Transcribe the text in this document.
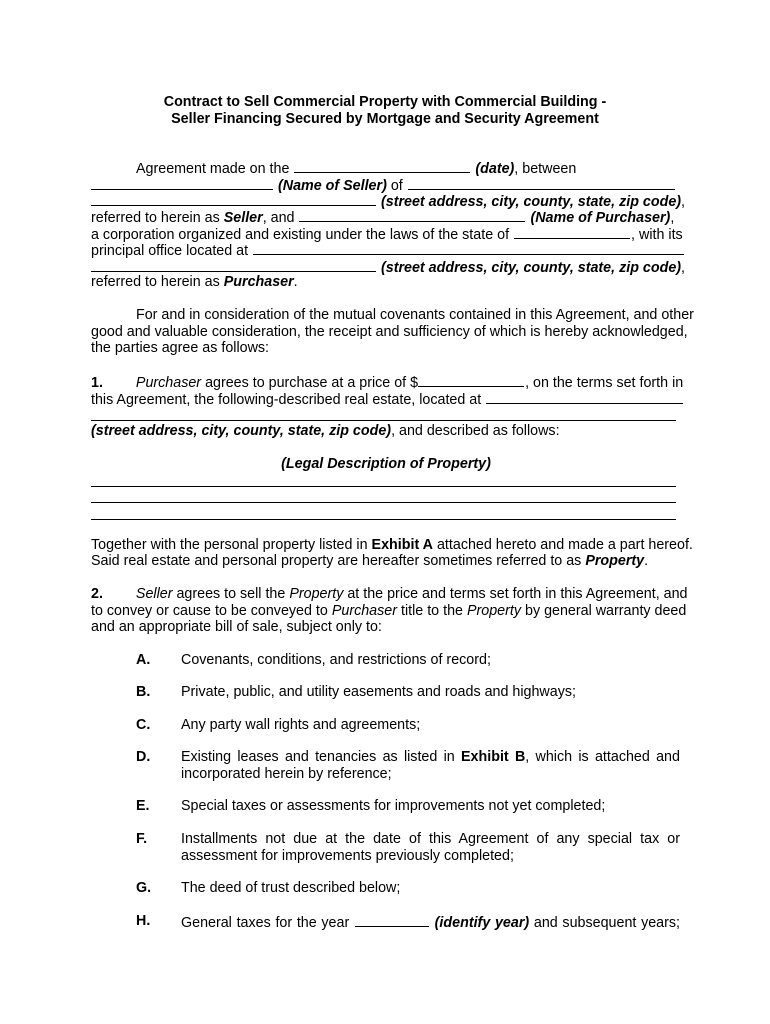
Contract to Sell Commercial Property with Commercial Building -
Seller Financing Secured by Mortgage and Security Agreement
Agreement made on the	(date), between
(Name of Seller) of
(street address, city, county, state, zip code),
referred to herein as Seller, and	(Name of Purchaser),
a corporation organized and existing under the laws of the state of	, with its
principal office located at
(street address, city, county, state, zip code),
referred to herein as Purchaser.
For and in consideration of the mutual covenants contained in this Agreement, and other
good and valuable consideration, the receipt and sufficiency of which is hereby acknowledged,
the parties agree as follows:
1. Purchaser agrees to purchase at a price of $	, on the terms set forth in
this Agreement, the following-described real estate, located at
(street address, city, county, state, zip code), and described as follows:
(Legal Description of Property)
Together with the personal property listed in Exhibit A attached hereto and made a part hereof.
Said real estate and personal property are hereafter sometimes referred to as Property.
2. Seller agrees to sell the Property at the price and terms set forth in this Agreement, and
to convey or cause to be conveyed to Purchaser title to the Property by general warranty deed
and an appropriate bill of sale, subject only to:
A. Covenants, conditions, and restrictions of record;
B. Private, public, and utility easements and roads and highways;
C. Any party wall rights and agreements;
D. Existing leases and tenancies as listed in Exhibit B, which is attached and
incorporated herein by reference;
E. Special taxes or assessments for improvements not yet completed;
F. Installments not due at the date of this Agreement of any special tax or
assessment for improvements previously completed;
G. The deed of trust described below;
H. General taxes for the year	(identify year) and subsequent years;
